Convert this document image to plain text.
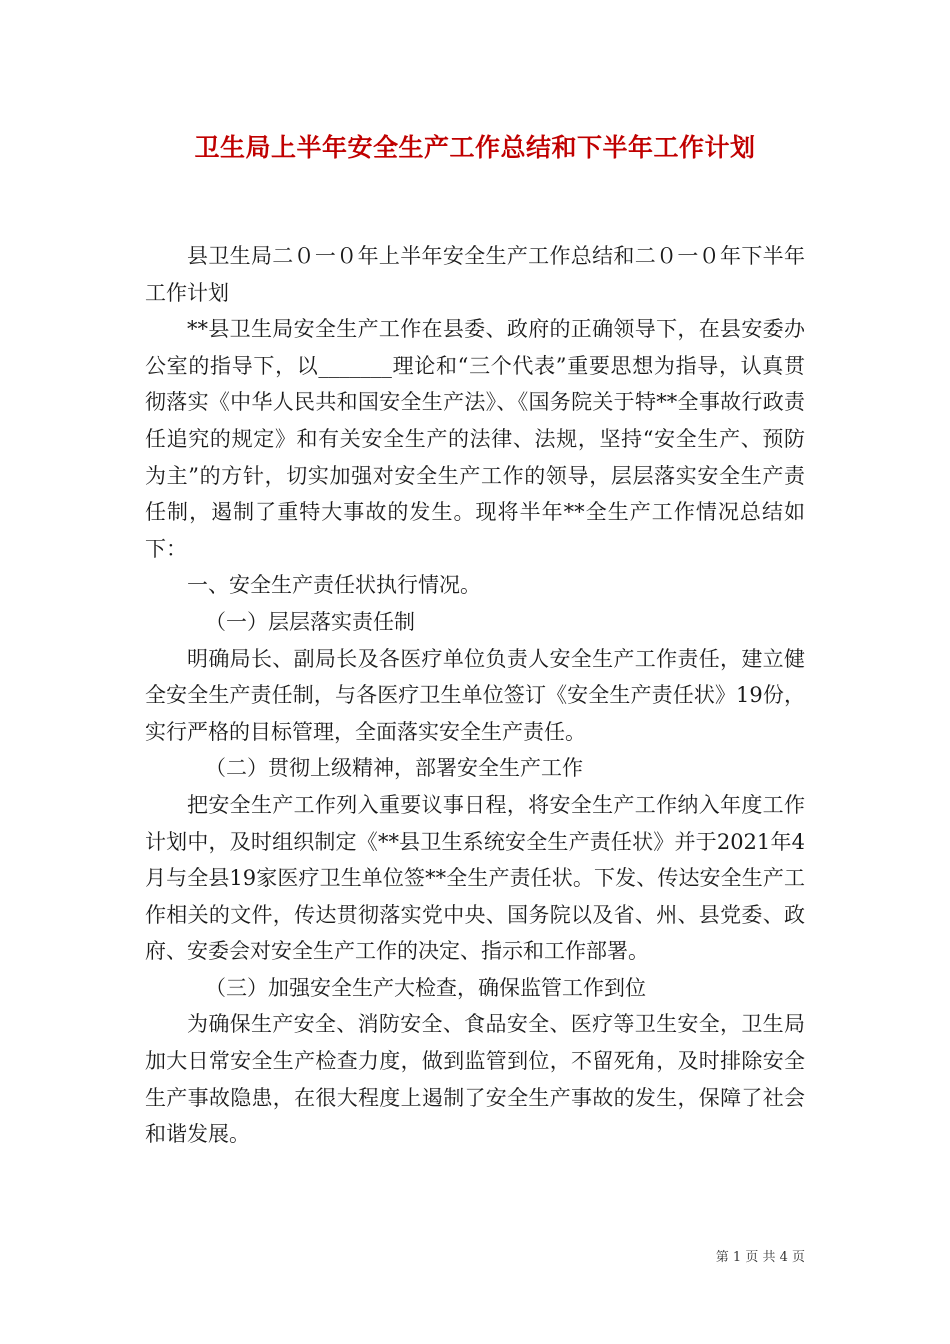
卫生局上半年安全生产工作总结和下半年工作计划

县卫生局二０一０年上半年安全生产工作总结和二０一０年下半年工作计划

**县卫生局安全生产工作在县委、政府的正确领导下，在县安委办公室的指导下，以_______理论和“三个代表”重要思想为指导，认真贯彻落实《中华人民共和国安全生产法》、《国务院关于特**全事故行政责任追究的规定》和有关安全生产的法律、法规，坚持“安全生产、预防为主”的方针，切实加强对安全生产工作的领导，层层落实安全生产责任制，遏制了重特大事故的发生。现将半年**全生产工作情况总结如下：

一、安全生产责任状执行情况。

（一）层层落实责任制

明确局长、副局长及各医疗单位负责人安全生产工作责任，建立健全安全生产责任制，与各医疗卫生单位签订《安全生产责任状》19份，实行严格的目标管理，全面落实安全生产责任。

（二）贯彻上级精神，部署安全生产工作

把安全生产工作列入重要议事日程，将安全生产工作纳入年度工作计划中，及时组织制定《**县卫生系统安全生产责任状》并于2021年4月与全县19家医疗卫生单位签**全生产责任状。下发、传达安全生产工作相关的文件，传达贯彻落实党中央、国务院以及省、州、县党委、政府、安委会对安全生产工作的决定、指示和工作部署。

（三）加强安全生产大检查，确保监管工作到位

为确保生产安全、消防安全、食品安全、医疗等卫生安全，卫生局加大日常安全生产检查力度，做到监管到位，不留死角，及时排除安全生产事故隐患，在很大程度上遏制了安全生产事故的发生，保障了社会和谐发展。

第 1 页 共 4 页
